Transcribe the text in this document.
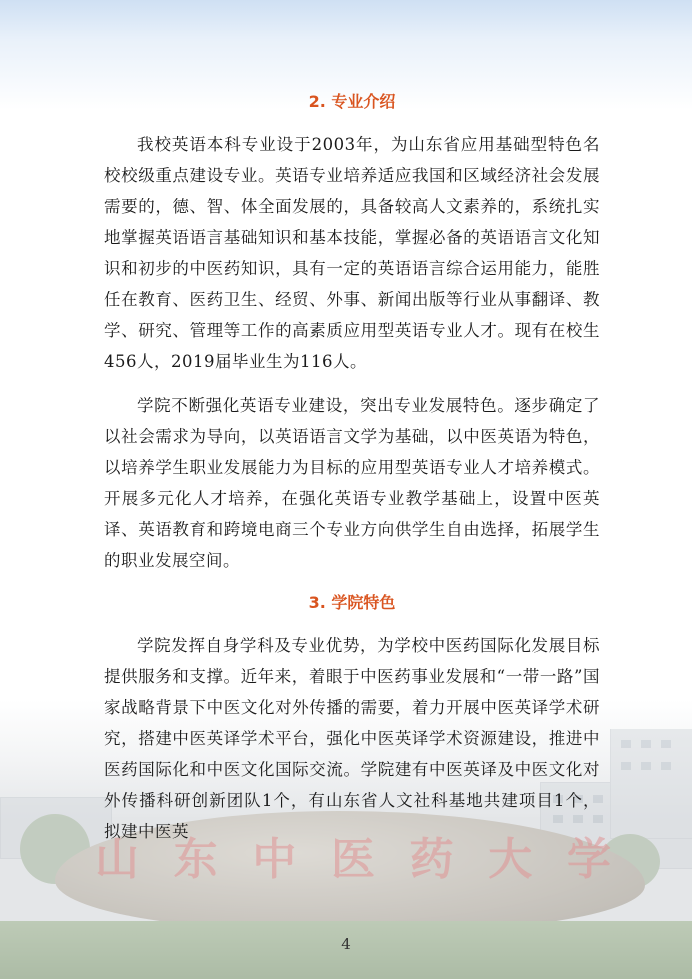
山 东 中 医 药 大 学
2. 专业介绍

我校英语本科专业设于2003年，为山东省应用基础型特色名校校级重点建设专业。英语专业培养适应我国和区域经济社会发展需要的，德、智、体全面发展的，具备较高人文素养的，系统扎实地掌握英语语言基础知识和基本技能，掌握必备的英语语言文化知识和初步的中医药知识，具有一定的英语语言综合运用能力，能胜任在教育、医药卫生、经贸、外事、新闻出版等行业从事翻译、教学、研究、管理等工作的高素质应用型英语专业人才。现有在校生456人，2019届毕业生为116人。

学院不断强化英语专业建设，突出专业发展特色。逐步确定了以社会需求为导向，以英语语言文学为基础，以中医英语为特色，以培养学生职业发展能力为目标的应用型英语专业人才培养模式。开展多元化人才培养，在强化英语专业教学基础上，设置中医英译、英语教育和跨境电商三个专业方向供学生自由选择，拓展学生的职业发展空间。

3. 学院特色

学院发挥自身学科及专业优势，为学校中医药国际化发展目标提供服务和支撑。近年来，着眼于中医药事业发展和“一带一路”国家战略背景下中医文化对外传播的需要，着力开展中医英译学术研究，搭建中医英译学术平台，强化中医英译学术资源建设，推进中医药国际化和中医文化国际交流。学院建有中医英译及中医文化对外传播科研创新团队1个，有山东省人文社科基地共建项目1个，拟建中医英

4
